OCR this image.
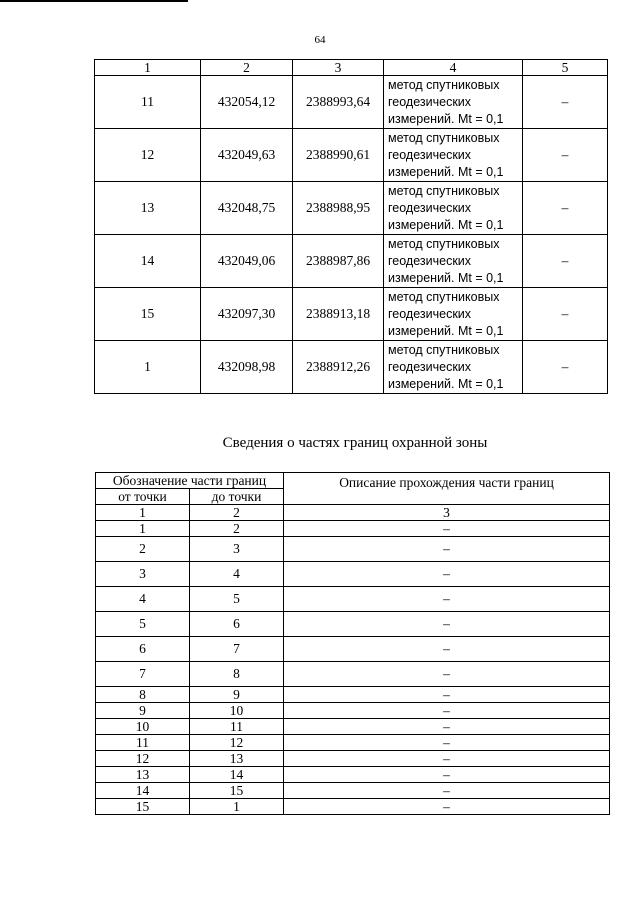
64
1	2	3	4	5
11	432054,12	2388993,64	метод спутниковых
геодезических
измерений. Mt = 0,1	–
12	432049,63	2388990,61	метод спутниковых
геодезических
измерений. Mt = 0,1	–
13	432048,75	2388988,95	метод спутниковых
геодезических
измерений. Mt = 0,1	–
14	432049,06	2388987,86	метод спутниковых
геодезических
измерений. Mt = 0,1	–
15	432097,30	2388913,18	метод спутниковых
геодезических
измерений. Mt = 0,1	–
1	432098,98	2388912,26	метод спутниковых
геодезических
измерений. Mt = 0,1	–
Сведения о частях границ охранной зоны
Обозначение части границ		Описание прохождения части границ
от точки	до точки	
1	2	3
1	2	–
2	3	–
3	4	–
4	5	–
5	6	–
6	7	–
7	8	–
8	9	–
9	10	–
10	11	–
11	12	–
12	13	–
13	14	–
14	15	–
15	1	–
